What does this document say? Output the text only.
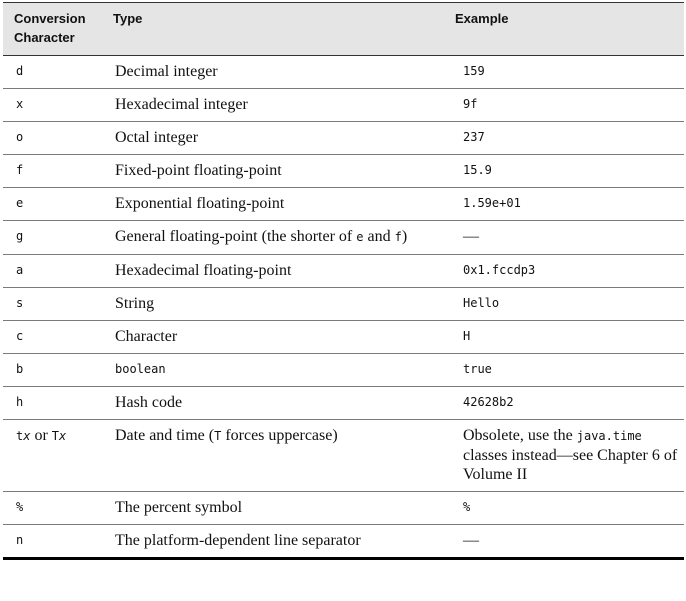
Conversion
Character	Type	Example
d	Decimal integer	159
x	Hexadecimal integer	9f
o	Octal integer	237
f	Fixed-point floating-point	15.9
e	Exponential floating-point	1.59e+01
g	General floating-point (the shorter of e and f)	—
a	Hexadecimal floating-point	0x1.fccdp3
s	String	Hello
c	Character	H
b	boolean	true
h	Hash code	42628b2
tx or Tx	Date and time (T forces uppercase)	Obsolete, use the java.time classes instead—see Chapter 6 of Volume II
%	The percent symbol	%
n	The platform-dependent line separator	—
